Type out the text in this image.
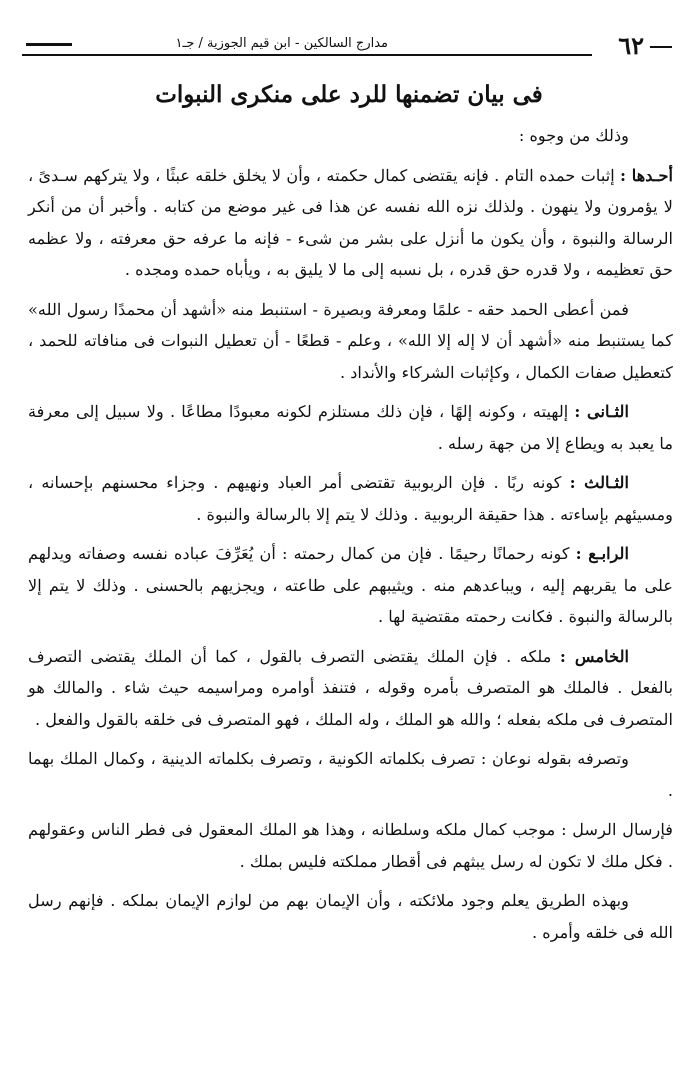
٦٢
مدارج السالكين - ابن قيم الجوزية / جـ١
فى بيان تضمنها للرد على منكرى النبوات

وذلك من وجوه :

أحـدها : إثبات حمده التام . فإنه يقتضى كمال حكمته ، وأن لا يخلق خلقه عبثًا ، ولا يتركهم سـدىً ، لا يؤمرون ولا ينهون . ولذلك نزه الله نفسه عن هذا فى غير موضع من كتابه . وأخبر أن من أنكر الرسالة والنبوة ، وأن يكون ما أنزل على بشر من شىء - فإنه ما عرفه حق معرفته ، ولا عظمه حق تعظيمه ، ولا قدره حق قدره ، بل نسبه إلى ما لا يليق به ، ويأباه حمده ومجده .

فمن أعطى الحمد حقه - علمًا ومعرفة وبصيرة - استنبط منه «أشهد أن محمدًا رسول الله» كما يستنبط منه «أشهد أن لا إله إلا الله» ، وعلم - قطعًا - أن تعطيل النبوات فى منافاته للحمد ، كتعطيل صفات الكمال ، وكإثبات الشركاء والأنداد .

الثـانى : إلهيته ، وكونه إلهًا ، فإن ذلك مستلزم لكونه معبودًا مطاعًا . ولا سبيل إلى معرفة ما يعبد به ويطاع إلا من جهة رسله .

الثـالث : كونه ربًا . فإن الربوبية تقتضى أمر العباد ونهيهم . وجزاء محسنهم بإحسانه ، ومسيئهم بإساءته . هذا حقيقة الربوبية . وذلك لا يتم إلا بالرسالة والنبوة .

الرابـع : كونه رحمانًا رحيمًا . فإن من كمال رحمته : أن يُعَرِّفَ عباده نفسه وصفاته ويدلهم على ما يقربهم إليه ، ويباعدهم منه . ويثيبهم على طاعته ، ويجزيهم بالحسنى . وذلك لا يتم إلا بالرسالة والنبوة . فكانت رحمته مقتضية لها .

الخامس : ملكه . فإن الملك يقتضى التصرف بالقول ، كما أن الملك يقتضى التصرف بالفعل . فالملك هو المتصرف بأمره وقوله ، فتنفذ أوامره ومراسيمه حيث شاء . والمالك هو المتصرف فى ملكه بفعله ؛ والله هو الملك ، وله الملك ، فهو المتصرف فى خلقه بالقول والفعل .

وتصرفه بقوله نوعان : تصرف بكلماته الكونية ، وتصرف بكلماته الدينية ، وكمال الملك بهما .

فإرسال الرسل : موجب كمال ملكه وسلطانه ، وهذا هو الملك المعقول فى فطر الناس وعقولهم . فكل ملك لا تكون له رسل يبثهم فى أقطار مملكته فليس بملك .

وبهذه الطريق يعلم وجود ملائكته ، وأن الإيمان بهم من لوازم الإيمان بملكه . فإنهم رسل الله فى خلقه وأمره .
